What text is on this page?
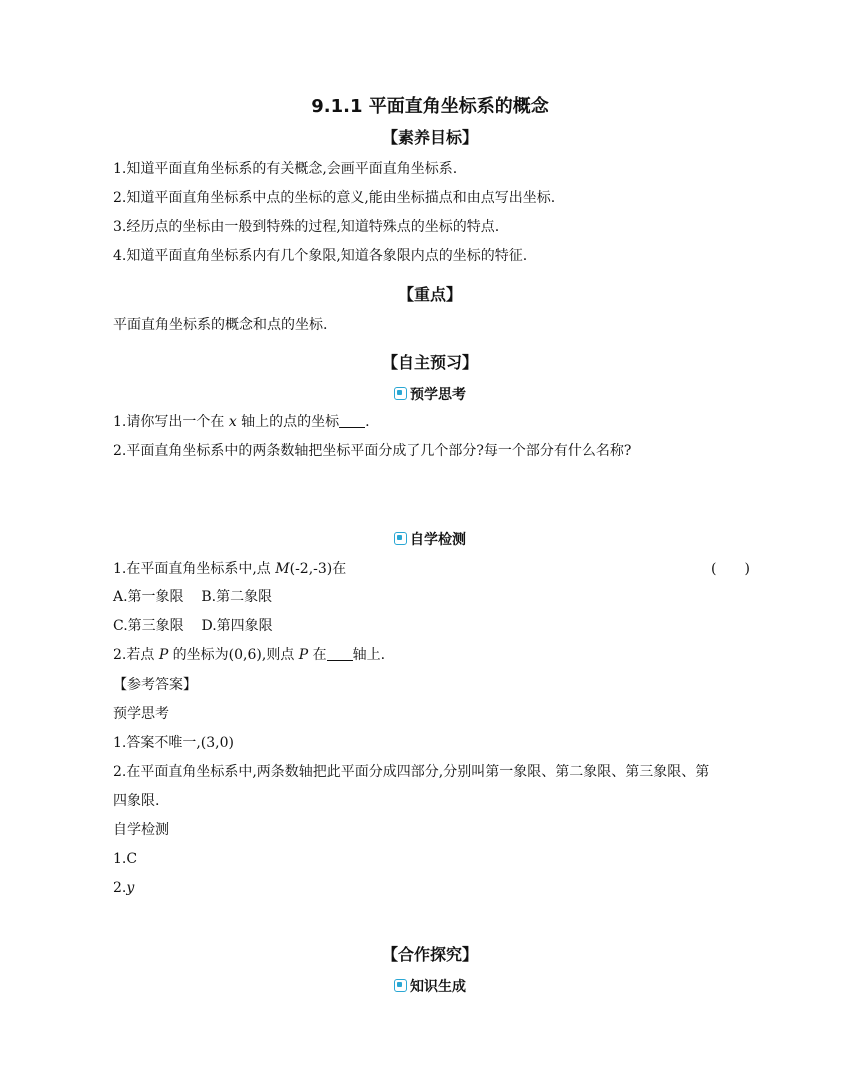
9.1.1 平面直角坐标系的概念
【素养目标】
1.知道平面直角坐标系的有关概念,会画平面直角坐标系.
2.知道平面直角坐标系中点的坐标的意义,能由坐标描点和由点写出坐标.
3.经历点的坐标由一般到特殊的过程,知道特殊点的坐标的特点.
4.知道平面直角坐标系内有几个象限,知道各象限内点的坐标的特征.
【重点】
平面直角坐标系的概念和点的坐标.
【自主预习】
预学思考
1.请你写出一个在 x 轴上的点的坐标 .
2.平面直角坐标系中的两条数轴把坐标平面分成了几个部分?每一个部分有什么名称?
自学检测
1.在平面直角坐标系中,点 M(-2,-3)在	(　　)
A.第一象限 B.第二象限
C.第三象限 D.第四象限
2.若点 P 的坐标为(0,6),则点 P 在 轴上.
【参考答案】
预学思考
1.答案不唯一,(3,0)
2.在平面直角坐标系中,两条数轴把此平面分成四部分,分别叫第一象限、第二象限、第三象限、第
四象限.
自学检测
1.C
2.y
【合作探究】
知识生成
